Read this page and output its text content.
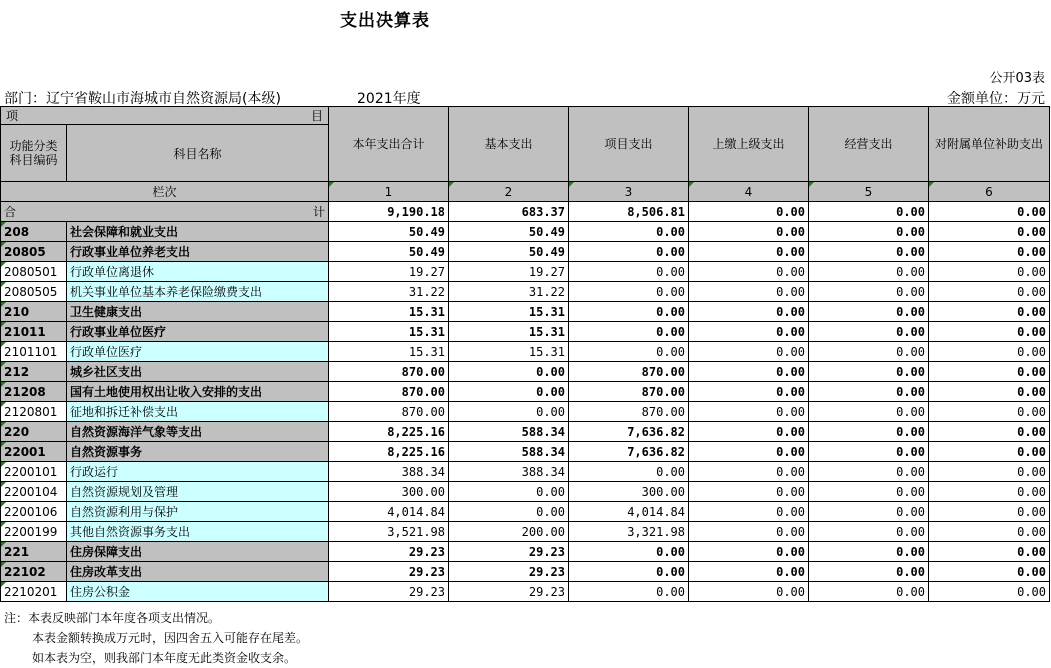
支出决算表
公开03表
部门：辽宁省鞍山市海城市自然资源局(本级)	2021年度	金额单位：万元
项 目		本年支出合计	基本支出	项目支出	上缴上级支出	经营支出	对附属单位补助支出
功能分类科目编码	科目名称						
栏次		1	2	3	4	5	6

合 计		9,190.18	683.37	8,506.81	0.00	0.00	0.00
208	社会保障和就业支出	50.49	50.49	0.00	0.00	0.00	0.00
20805	行政事业单位养老支出	50.49	50.49	0.00	0.00	0.00	0.00
2080501	行政单位离退休	19.27	19.27	0.00	0.00	0.00	0.00
2080505	机关事业单位基本养老保险缴费支出	31.22	31.22	0.00	0.00	0.00	0.00
210	卫生健康支出	15.31	15.31	0.00	0.00	0.00	0.00
21011	行政事业单位医疗	15.31	15.31	0.00	0.00	0.00	0.00
2101101	行政单位医疗	15.31	15.31	0.00	0.00	0.00	0.00
212	城乡社区支出	870.00	0.00	870.00	0.00	0.00	0.00
21208	国有土地使用权出让收入安排的支出	870.00	0.00	870.00	0.00	0.00	0.00
2120801	征地和拆迁补偿支出	870.00	0.00	870.00	0.00	0.00	0.00
220	自然资源海洋气象等支出	8,225.16	588.34	7,636.82	0.00	0.00	0.00
22001	自然资源事务	8,225.16	588.34	7,636.82	0.00	0.00	0.00
2200101	行政运行	388.34	388.34	0.00	0.00	0.00	0.00
2200104	自然资源规划及管理	300.00	0.00	300.00	0.00	0.00	0.00
2200106	自然资源利用与保护	4,014.84	0.00	4,014.84	0.00	0.00	0.00
2200199	其他自然资源事务支出	3,521.98	200.00	3,321.98	0.00	0.00	0.00
221	住房保障支出	29.23	29.23	0.00	0.00	0.00	0.00
22102	住房改革支出	29.23	29.23	0.00	0.00	0.00	0.00
2210201	住房公积金	29.23	29.23	0.00	0.00	0.00	0.00
注：本表反映部门本年度各项支出情况。
本表金额转换成万元时，因四舍五入可能存在尾差。
如本表为空，则我部门本年度无此类资金收支余。
